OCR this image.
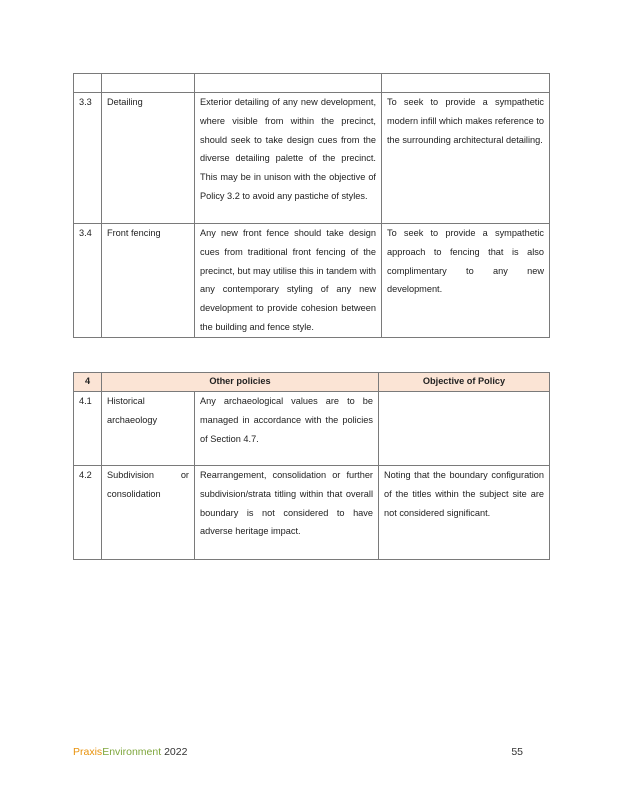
3.3	Detailing	Exterior detailing of any new development, where visible from within the precinct, should seek to take design cues from the diverse detailing palette of the precinct. This may be in unison with the objective of Policy 3.2 to avoid any pastiche of styles.	To seek to provide a sympathetic modern infill which makes reference to the surrounding architectural detailing.
3.4	Front fencing	Any new front fence should take design cues from traditional front fencing of the precinct, but may utilise this in tandem with any contemporary styling of any new development to provide cohesion between the building and fence style.	To seek to provide a sympathetic approach to fencing that is also complimentary to any new development.
4	Other policies		Objective of Policy
4.1	Historical archaeology	Any archaeological values are to be managed in accordance with the policies of Section 4.7.	
4.2	Subdivision or consolidation	Rearrangement, consolidation or further subdivision/strata titling within that overall boundary is not considered to have adverse heritage impact.	Noting that the boundary configuration of the titles within the subject site are not considered significant.
PraxisEnvironment 2022	55
